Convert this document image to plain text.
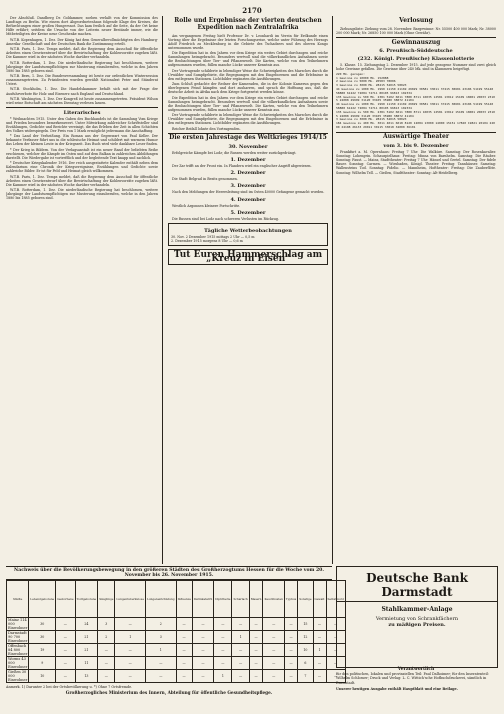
2170

Der Abschluß. Dandberg Dr. Goldammer, soeben verlaßt von der Kommission des Landtags zu Berlin. Wie einem dort Abgeordnetenhaus folgende Klage des Kreises, die Befürchtungen einer großen Hungersnot. Das kam freilich auf die Seite, da der Ort keine Hilfe erfährt; seitdem die Ursache von der Leiterin neuer Bestände immer, wie die Mitbeteiligten der Kreise neue Geschenke machen.

W.T.B. Kopenhagen, 1. Dez. Der König hat dem Generalbevollmächtigten des Hamburg-Amerika- Gesellschaft und der Deutschen Bank die Zustimmung erteilt.

W.T.B. Paris, 1. Dez. Temps meldet, daß die Regierung dem Ausschuß für öffentliche Arbeiten einen Gesetzentwurf über die Bewirtschaftung der Kohlenvorräte zugehen läßt. Die Kammer wird in der nächsten Woche darüber verhandeln.

W.T.B. Rotterdam, 1. Dez. Die niederländische Regierung hat beschlossen, weitere Jahrgänge der Landsturmpflichtigen zur Musterung einzuberufen, welche in den Jahren 1880 bis 1885 geboren sind.

W.T.B. Bern, 1. Dez. Die Bundesversammlung ist heute zur ordentlichen Wintersession zusammengetreten. Zu Präsidenten wurden gewählt Nationalrat Peter und Ständerat Usteri.

W.T.B. Stockholm, 1. Dez. Die Handelskammer befaßt sich mit der Frage der Ausfuhrverbote für Holz und Eisenerz nach England und Deutschland.

W.T.B. Washington, 1. Dez. Der Kongreß ist heute zusammengetreten. Präsident Wilson wird seine Botschaft am nächsten Dienstag verlesen lassen.

Literarisches

* Weihnachten 1915. Unter den Gaben des Buchhandels ist die Sammlung Vom Kriege und Frieden besonders bemerkenswert. Unter Mitwirkung zahlreicher Schriftsteller sind Erzählungen, Gedichte und Berichte vereinigt, die das Erleben der Zeit in allen Schichten des Volkes widerspiegeln. Der Preis von 1 Mark ermöglicht jedermann die Anschaffung.

* Das Land der Verheißung. Ein Roman aus der Gegenwart von Paul Keller. Der bekannte Verfasser führt uns in die schlesische Heimat und schildert mit warmem Humor das Leben der kleinen Leute in der Kriegszeit. Das Buch wird viele dankbare Leser finden.

* Der Krieg in Bildern. Von der Verlagsanstalt ist ein neuer Band der beliebten Reihe erschienen, welcher die Kämpfe im Osten und auf dem Balkan in zahlreichen Abbildungen darstellt. Die Wiedergabe ist vortrefflich und der begleitende Text knapp und sachlich.

* Deutscher Kriegskalender 1916. Der reich ausgestattete Kalender enthält neben dem Kalendarium eine Chronik der Kriegsereignisse, Erzählungen und Gedichte sowie zahlreiche Bilder. Er ist für Feld und Heimat gleich willkommen.

W.T.B. Paris, 1. Dez. Temps meldet, daß die Regierung dem Ausschuß für öffentliche Arbeiten einen Gesetzentwurf über die Bewirtschaftung der Kohlenvorräte zugehen läßt. Die Kammer wird in der nächsten Woche darüber verhandeln.

W.T.B. Rotterdam, 1. Dez. Die niederländische Regierung hat beschlossen, weitere Jahrgänge der Landsturmpflichtigen zur Musterung einzuberufen, welche in den Jahren 1880 bis 1885 geboren sind.

Rolle und Ergebnisse der vierten deutschen Expedition nach Zentralafrika

Am vergangenen Freitag hielt Professor Dr. v. Leonhardi im Verein für Erdkunde einen Vortrag über die Ergebnisse der letzten Forschungsreise, welche unter Führung des Herzogs Adolf Friedrich zu Mecklenburg in die Gebiete des Tschadsees und des oberen Kongo unternommen wurde.

Die Expedition hat in den Jahren vor dem Kriege ein weites Gebiet durchzogen und reiche Sammlungen heimgebracht. Besonders wertvoll sind die völkerkundlichen Aufnahmen sowie die Beobachtungen über Tier- und Pflanzenwelt. Die Karten, welche von den Teilnehmern aufgenommen wurden, füllen manche Lücke unserer Kenntnis aus.

Der Vortragende schilderte in lebendiger Weise die Schwierigkeiten des Marsches durch die Urwälder und Sumpfgebiete, die Begegnungen mit den Eingeborenen und die Erlebnisse in den entlegenen Stationen. Lichtbilder ergänzten die Ausführungen.

Zum Schluß gedachte der Redner der Kameraden, die in der Kolonie Kamerun gegen den überlegenen Feind kämpfen und dort ausharren, und sprach die Hoffnung aus, daß die deutsche Arbeit in Afrika nach dem Kriege fortgesetzt werden könne.

Die Expedition hat in den Jahren vor dem Kriege ein weites Gebiet durchzogen und reiche Sammlungen heimgebracht. Besonders wertvoll sind die völkerkundlichen Aufnahmen sowie die Beobachtungen über Tier- und Pflanzenwelt. Die Karten, welche von den Teilnehmern aufgenommen wurden, füllen manche Lücke unserer Kenntnis aus.

Der Vortragende schilderte in lebendiger Weise die Schwierigkeiten des Marsches durch die Urwälder und Sumpfgebiete, die Begegnungen mit den Eingeborenen und die Erlebnisse in den entlegenen Stationen. Lichtbilder ergänzten die Ausführungen.

Reicher Beifall lohnte den Vortragenden.

Die ersten Jahrestage des Weltkrieges 1914/15
30. November

Erfolgreiche Kämpfe bei Lodz; die Russen werden weiter zurückgedrängt.

1. Dezember

Der Zar trifft an der Front ein. In Flandern wird ein englischer Angriff abgewiesen.

2. Dezember

Die Stadt Belgrad in Besitz genommen.

3. Dezember

Nach den Meldungen der Heeresleitung sind im Osten 40000 Gefangene gemacht worden.

4. Dezember

Westlich Argonnen kleinere Fortschritte.

5. Dezember

Die Russen sind bei Lodz nach schweren Verlusten im Rückzug.

Tägliche Wetterbeobachtungen
30. Nov. 2 Dezember 1915 mittags 2 Uhr — 0,5 m
2. Dezember 1915 morgens 8 Uhr — 0,6 m
Tut Euren Hammerschlag am „Kreuz in Eisen"
Verlosung

Ziehungsliste: Ziehung vom 28. November. Bargewinne: Nr. 55500 400 000 Mark; Nr. 38000 200 000 Mark; Nr. 26850 100 000 Mark (Ohne Gewähr).

Gewinnauszug
6. Preußisch-Süddeutsche
(232. Königl. Preußische) Klassenlotterie

5. Klasse. 15. Ziehungstag 2. Dezember 1915. Auf jede gezogene Nummer sind zwei gleich hohe Gewinne gefallen. Die Gewinne über 240 Mk. sind in Klammern beigefügt.

220 Mk. gezogen:
1 Gewinne zu 10000 Mk. 152888
2 Gewinne zu 5000 Mk. 20583 78006
3 Gewinne zu 3000 Mk. 28215 54015 58023
44 Gewinne zu 1000 Mk. 1990 11150 21169 29029 30581 33011 37415 38601 43106 51199 55140 58888 61222 72084 74711 80105 96813 102334
135 Gewinne zu 500 Mk. 2381 5102 6011 7880 8711 10035 12581 13012 15109 18001 20033 23105 24088 29999 31120 33105 35980 38872 41104
44 Gewinne zu 1000 Mk. 1990 11150 21169 29029 30581 33011 37415 38601 43106 51199 55140 58888 61222 72084 74711 80105 96813 102334
135 Gewinne zu 500 Mk. 2381 5102 6011 7880 8711 10035 12581 13012 15109 18001 20033 23105 24088 29999 31120 33105 35980 38872 41104
3 Gewinne zu 3000 Mk. 28215 54015 58023
184 Gewinne zu 400 Mk. 3011 4011 6018 8120 12084 13000 14000 15151 17820 19821 20104 22000 24108 26133 29011 30115 33018 34000 36101
Auswärtige Theater
vom 3. bis 9. Dezember

Frankfurt a. M. Opernhaus: Freitag 7 Uhr: Die Walküre. Samstag: Der Rosenkavalier. Sonntag: Lohengrin. Schauspielhaus: Freitag: Minna von Barnhelm. Samstag: Die Räuber. Sonntag: Faust. — Mainz, Stadttheater: Freitag 7 Uhr: Hänsel und Gretel. Samstag: Der fidele Bauer. Sonntag: Carmen. — Wiesbaden, Königl. Theater: Freitag: Tannhäuser. Samstag: Wallensteins Tod. Sonntag: Fidelio. — Mannheim, Hoftheater: Freitag: Die Zauberflöte. Sonntag: Wilhelm Tell. — Gießen, Stadttheater: Sonntag: Alt-Heidelberg.

Nachweis über die Bevölkerungsbewegung in den größeren Städten des Großherzogtums Hessen für die Woche vom 20. November bis 26. November 1915.
Städte	Lebendgeborene	Gestorbene	Todtgeborene	Säuglinge	Lungentuberkulose	Lungenentzündung	Influenza	Darmkatarrh	Diphtherie	Scharlach	Masern	Keuchhusten	Typhus	Sonstige	Gewalt	Selbstmord
Mainz 114 000 Einwohner	30	—	24	3	—	2	—	—	—	—	—	—	—	15	—	—
Darmstadt 90 700 Einwohner	30	—	21	2	1	3	—	—	—	1	—	—	—	12	—	—
Offenbach 84 800 Einwohner	19	—	21	—	—	1	—	—	—	—	—	—	—	10	1	—
Worms 43 000 Einwohner	9	—	11	—	—	—	—	—	—	—	—	—	—	6	—	—
Gießen 30 000 Einwohner	10	—	13	—	—	—	—	—	1	—	—	—	—	7	—	—
Anmerk. 1) Darunter 2 bei der Ortsbevölkerung u. *) Ohne 7 Ortsfremde.
Großherzogliches Ministerium des Innern, Abteilung für öffentliche Gesundheitspflege.
Deutsche Bank Darmstadt
Stahlkammer-Anlage
Vermietung von Schrankfächern
zu mäßigen Preisen.
Verantwortlich
für den politischen, lokalen und provinziellen Teil: Paul Dalhoimer; für den Inseratenteil: Wilhelm Schlosser; Druck und Verlag: L. C. Wittich'sche Hofbuchdruckerei, sämtlich in Darmstadt.
Unserer heutigen Ausgabe enthält Hauptblatt und eine Beilage.
